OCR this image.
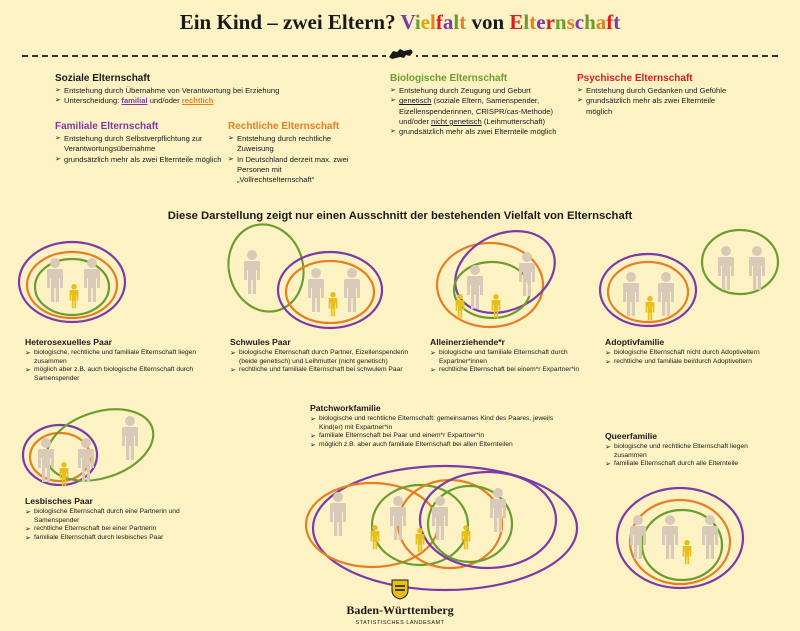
Ein Kind – zwei Eltern? Vielfalt von Elternschaft
Soziale Elternschaft
➢ Entstehung durch Übernahme von Verantwortung bei Erziehung
➢ Unterscheidung: familial und/oder rechtlich
Familiale Elternschaft
➢ Entstehung durch Selbstverpflichtung zur Verantwortungsübernahme
➢ grundsätzlich mehr als zwei Elternteile möglich
Rechtliche Elternschaft
➢ Entstehung durch rechtliche Zuweisung
➢ In Deutschland derzeit max. zwei Personen mit „Vollrechtselternschaft“
Biologische Elternschaft
➢ Entstehung durch Zeugung und Geburt
➢ genetisch (soziale Eltern, Samenspender, Eizellenspenderinnen, CRISPR/cas-Methode) und/oder nicht genetisch (Leihmutterschaft)
➢ grundsätzlich mehr als zwei Elternteile möglich
Psychische Elternschaft
➢ Entstehung durch Gedanken und Gefühle
➢ grundsätzlich mehr als zwei Elternteile möglich
Diese Darstellung zeigt nur einen Ausschnitt der bestehenden Vielfalt von Elternschaft
Heterosexuelles Paar
➢ biologische, rechtliche und familiale Elternschaft liegen zusammen
➢ möglich aber z.B. auch biologische Elternschaft durch Samenspender
Schwules Paar
➢ biologische Elternschaft durch Partner, Eizellenspenderin (beide genetisch) und Leihmutter (nicht genetisch)
➢ rechtliche und familiale Elternschaft bei schwulem Paar
Alleinerziehende*r
➢ biologische und familiale Elternschaft durch Expartner*innen
➢ rechtliche Elternschaft bei einem*r Expartner*in
Adoptivfamilie
➢ biologische Elternschaft nicht durch Adoptiveltern
➢ rechtliche und familiale bei/durch Adoptiveltern
Patchworkfamilie
➢ biologische und rechtliche Elternschaft: gemeinsames Kind des Paares, jeweils Kind(er) mit Expartner*in
➢ familiale Elternschaft bei Paar und einem*r Expartner*in
➢ möglich z.B. aber auch familiale Elternschaft bei allen Elternteilen
Lesbisches Paar
➢ biologische Elternschaft durch eine Partnerin und Samenspender
➢ rechtliche Elternschaft bei einer Partnerin
➢ familiale Elternschaft durch lesbisches Paar
Queerfamilie
➢ biologische und rechtliche Elternschaft liegen zusammen
➢ familiale Elternschaft durch alle Elternteile
Baden-Württemberg
STATISTISCHES LANDESAMT
